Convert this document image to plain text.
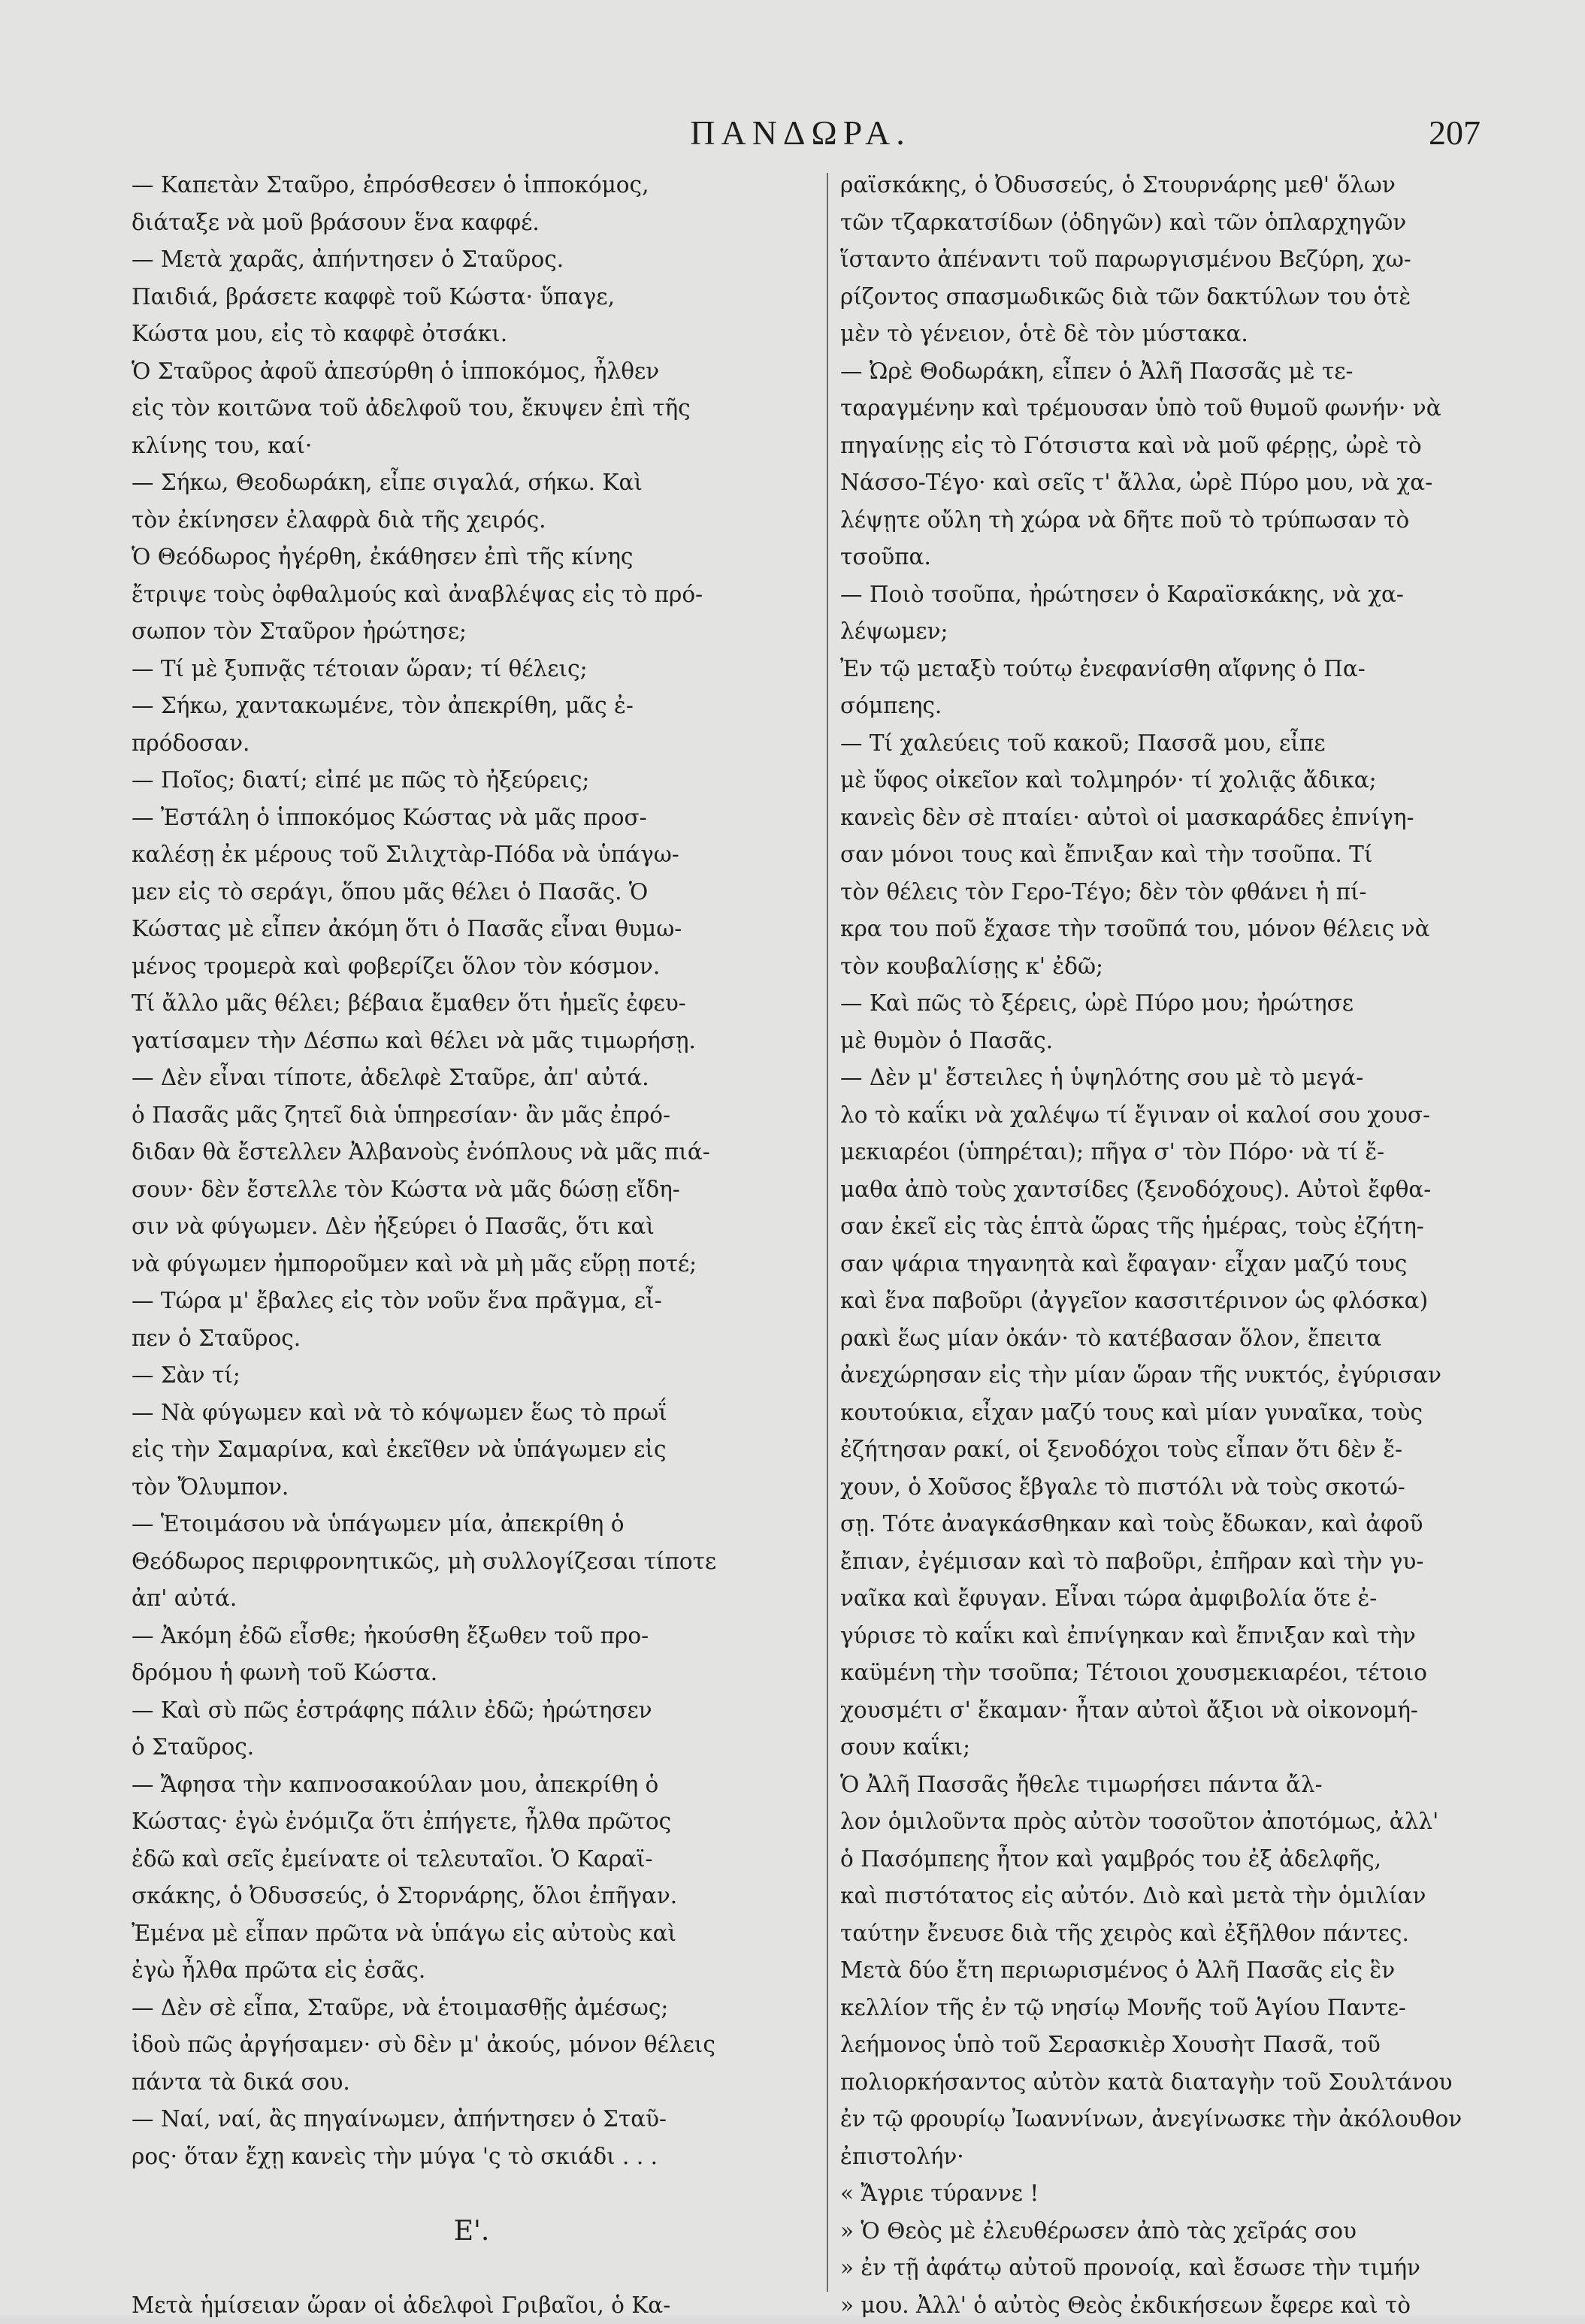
ΠΑΝΔΩΡΑ.	207
— Καπετὰν Σταῦρο, ἐπρόσθεσεν ὁ ἱπποκόμος,
διάταξε νὰ μοῦ βράσουν ἕνα καφφέ.
— Μετὰ χαρᾶς, ἀπήντησεν ὁ Σταῦρος.
Παιδιά, βράσετε καφφὲ τοῦ Κώστα· ὕπαγε,
Κώστα μου, εἰς τὸ καφφὲ ὀτσάκι.
Ὁ Σταῦρος ἀφοῦ ἀπεσύρθη ὁ ἱπποκόμος, ἦλθεν
εἰς τὸν κοιτῶνα τοῦ ἀδελφοῦ του, ἔκυψεν ἐπὶ τῆς
κλίνης του, καί·
— Σήκω, Θεοδωράκη, εἶπε σιγαλά, σήκω. Καὶ
τὸν ἐκίνησεν ἐλαφρὰ διὰ τῆς χειρός.
Ὁ Θεόδωρος ἠγέρθη, ἐκάθησεν ἐπὶ τῆς κίνης
ἔτριψε τοὺς ὀφθαλμούς καὶ ἀναβλέψας εἰς τὸ πρό-
σωπον τὸν Σταῦρον ἠρώτησε;
— Τί μὲ ξυπνᾷς τέτοιαν ὥραν; τί θέλεις;
— Σήκω, χαντακωμένε, τὸν ἀπεκρίθη, μᾶς ἐ-
πρόδοσαν.
— Ποῖος; διατί; εἰπέ με πῶς τὸ ἠξεύρεις;
— Ἐστάλη ὁ ἱπποκόμος Κώστας νὰ μᾶς προσ-
καλέσῃ ἐκ μέρους τοῦ Σιλιχτὰρ-Πόδα νὰ ὑπάγω-
μεν εἰς τὸ σεράγι, ὅπου μᾶς θέλει ὁ Πασᾶς. Ὁ
Κώστας μὲ εἶπεν ἀκόμη ὅτι ὁ Πασᾶς εἶναι θυμω-
μένος τρομερὰ καὶ φοβερίζει ὅλον τὸν κόσμον.
Τί ἄλλο μᾶς θέλει; βέβαια ἔμαθεν ὅτι ἡμεῖς ἐφευ-
γατίσαμεν τὴν Δέσπω καὶ θέλει νὰ μᾶς τιμωρήσῃ.
— Δὲν εἶναι τίποτε, ἀδελφὲ Σταῦρε, ἀπ' αὐτά.
ὁ Πασᾶς μᾶς ζητεῖ διὰ ὑπηρεσίαν· ἂν μᾶς ἐπρό-
διδαν θὰ ἔστελλεν Ἀλβανοὺς ἐνόπλους νὰ μᾶς πιά-
σουν· δὲν ἔστελλε τὸν Κώστα νὰ μᾶς δώσῃ εἴδη-
σιν νὰ φύγωμεν. Δὲν ἠξεύρει ὁ Πασᾶς, ὅτι καὶ
νὰ φύγωμεν ἠμποροῦμεν καὶ νὰ μὴ μᾶς εὕρῃ ποτέ;
— Τώρα μ' ἔβαλες εἰς τὸν νοῦν ἕνα πρᾶγμα, εἶ-
πεν ὁ Σταῦρος.
— Σὰν τί;
— Νὰ φύγωμεν καὶ νὰ τὸ κόψωμεν ἕως τὸ πρωΐ
εἰς τὴν Σαμαρίνα, καὶ ἐκεῖθεν νὰ ὑπάγωμεν εἰς
τὸν Ὄλυμπον.
— Ἑτοιμάσου νὰ ὑπάγωμεν μία, ἀπεκρίθη ὁ
Θεόδωρος περιφρονητικῶς, μὴ συλλογίζεσαι τίποτε
ἀπ' αὐτά.
— Ἀκόμη ἐδῶ εἶσθε; ἠκούσθη ἔξωθεν τοῦ προ-
δρόμου ἡ φωνὴ τοῦ Κώστα.
— Καὶ σὺ πῶς ἐστράφης πάλιν ἐδῶ; ἠρώτησεν
ὁ Σταῦρος.
— Ἄφησα τὴν καπνοσακούλαν μου, ἀπεκρίθη ὁ
Κώστας· ἐγὼ ἐνόμιζα ὅτι ἐπήγετε, ἦλθα πρῶτος
ἐδῶ καὶ σεῖς ἐμείνατε οἱ τελευταῖοι. Ὁ Καραϊ-
σκάκης, ὁ Ὀδυσσεύς, ὁ Στορνάρης, ὅλοι ἐπῆγαν.
Ἐμένα μὲ εἶπαν πρῶτα νὰ ὑπάγω εἰς αὐτοὺς καὶ
ἐγὼ ἦλθα πρῶτα εἰς ἐσᾶς.
— Δὲν σὲ εἶπα, Σταῦρε, νὰ ἑτοιμασθῇς ἀμέσως;
ἰδοὺ πῶς ἀργήσαμεν· σὺ δὲν μ' ἀκούς, μόνον θέλεις
πάντα τὰ δικά σου.
— Ναί, ναί, ἂς πηγαίνωμεν, ἀπήντησεν ὁ Σταῦ-
ρος· ὅταν ἔχῃ κανεὶς τὴν μύγα 'ς τὸ σκιάδι . . .
Ε'.
Μετὰ ἡμίσειαν ὥραν οἱ ἀδελφοὶ Γριβαῖοι, ὁ Κα-
ραϊσκάκης, ὁ Ὀδυσσεύς, ὁ Στουρνάρης μεθ' ὅλων
τῶν τζαρκατσίδων (ὁδηγῶν) καὶ τῶν ὁπλαρχηγῶν
ἵσταντο ἀπέναντι τοῦ παρωργισμένου Βεζύρη, χω-
ρίζοντος σπασμωδικῶς διὰ τῶν δακτύλων του ὁτὲ
μὲν τὸ γένειον, ὁτὲ δὲ τὸν μύστακα.
— Ὠρὲ Θοδωράκη, εἶπεν ὁ Ἀλῆ Πασσᾶς μὲ τε-
ταραγμένην καὶ τρέμουσαν ὑπὸ τοῦ θυμοῦ φωνήν· νὰ
πηγαίνῃς εἰς τὸ Γότσιστα καὶ νὰ μοῦ φέρῃς, ὠρὲ τὸ
Νάσσο-Τέγο· καὶ σεῖς τ' ἄλλα, ὠρὲ Πύρο μου, νὰ χα-
λέψῃτε οὔλη τὴ χώρα νὰ δῆτε ποῦ τὸ τρύπωσαν τὸ
τσοῦπα.
— Ποιὸ τσοῦπα, ἠρώτησεν ὁ Καραϊσκάκης, νὰ χα-
λέψωμεν;
Ἐν τῷ μεταξὺ τούτῳ ἐνεφανίσθη αἴφνης ὁ Πα-
σόμπεης.
— Τί χαλεύεις τοῦ κακοῦ; Πασσᾶ μου, εἶπε
μὲ ὕφος οἰκεῖον καὶ τολμηρόν· τί χολιᾷς ἄδικα;
κανεὶς δὲν σὲ πταίει· αὐτοὶ οἱ μασκαράδες ἐπνίγη-
σαν μόνοι τους καὶ ἔπνιξαν καὶ τὴν τσοῦπα. Τί
τὸν θέλεις τὸν Γερο-Τέγο; δὲν τὸν φθάνει ἡ πί-
κρα του ποῦ ἔχασε τὴν τσοῦπά του, μόνον θέλεις νὰ
τὸν κουβαλίσῃς κ' ἐδῶ;
— Καὶ πῶς τὸ ξέρεις, ὠρὲ Πύρο μου; ἠρώτησε
μὲ θυμὸν ὁ Πασᾶς.
— Δὲν μ' ἔστειλες ἡ ὑψηλότης σου μὲ τὸ μεγά-
λο τὸ καΐκι νὰ χαλέψω τί ἔγιναν οἱ καλοί σου χουσ-
μεκιαρέοι (ὑπηρέται); πῆγα σ' τὸν Πόρο· νὰ τί ἔ-
μαθα ἀπὸ τοὺς χαντσίδες (ξενοδόχους). Αὐτοὶ ἔφθα-
σαν ἐκεῖ εἰς τὰς ἑπτὰ ὥρας τῆς ἡμέρας, τοὺς ἐζήτη-
σαν ψάρια τηγανητὰ καὶ ἔφαγαν· εἶχαν μαζύ τους
καὶ ἕνα παβοῦρι (ἀγγεῖον κασσιτέρινον ὡς φλόσκα)
ρακὶ ἕως μίαν ὀκάν· τὸ κατέβασαν ὅλον, ἔπειτα
ἀνεχώρησαν εἰς τὴν μίαν ὥραν τῆς νυκτός, ἐγύρισαν
κουτούκια, εἶχαν μαζύ τους καὶ μίαν γυναῖκα, τοὺς
ἐζήτησαν ρακί, οἱ ξενοδόχοι τοὺς εἶπαν ὅτι δὲν ἔ-
χουν, ὁ Χοῦσος ἔβγαλε τὸ πιστόλι νὰ τοὺς σκοτώ-
σῃ. Τότε ἀναγκάσθηκαν καὶ τοὺς ἔδωκαν, καὶ ἀφοῦ
ἔπιαν, ἐγέμισαν καὶ τὸ παβοῦρι, ἐπῆραν καὶ τὴν γυ-
ναῖκα καὶ ἔφυγαν. Εἶναι τώρα ἀμφιβολία ὅτε ἐ-
γύρισε τὸ καΐκι καὶ ἐπνίγηκαν καὶ ἔπνιξαν καὶ τὴν
καϋμένη τὴν τσοῦπα; Τέτοιοι χουσμεκιαρέοι, τέτοιο
χουσμέτι σ' ἔκαμαν· ἦταν αὐτοὶ ἄξιοι νὰ οἰκονομή-
σουν καΐκι;
Ὁ Ἀλῆ Πασσᾶς ἤθελε τιμωρήσει πάντα ἄλ-
λον ὁμιλοῦντα πρὸς αὐτὸν τοσοῦτον ἀποτόμως, ἀλλ'
ὁ Πασόμπεης ἦτον καὶ γαμβρός του ἐξ ἀδελφῆς,
καὶ πιστότατος εἰς αὐτόν. Διὸ καὶ μετὰ τὴν ὁμιλίαν
ταύτην ἔνευσε διὰ τῆς χειρὸς καὶ ἐξῆλθον πάντες.
Μετὰ δύο ἔτη περιωρισμένος ὁ Ἀλῆ Πασᾶς εἰς ἓν
κελλίον τῆς ἐν τῷ νησίῳ Μονῆς τοῦ Ἁγίου Παντε-
λεήμονος ὑπὸ τοῦ Σερασκιὲρ Χουσὴτ Πασᾶ, τοῦ
πολιορκήσαντος αὐτὸν κατὰ διαταγὴν τοῦ Σουλτάνου
ἐν τῷ φρουρίῳ Ἰωαννίνων, ἀνεγίνωσκε τὴν ἀκόλουθον
ἐπιστολήν·
« Ἄγριε τύραννε !
» Ὁ Θεὸς μὲ ἐλευθέρωσεν ἀπὸ τὰς χεῖράς σου
» ἐν τῇ ἀφάτῳ αὐτοῦ προνοίᾳ, καὶ ἔσωσε τὴν τιμήν
» μου. Ἀλλ' ὁ αὐτὸς Θεὸς ἐκδικήσεων ἔφερε καὶ τὸ
